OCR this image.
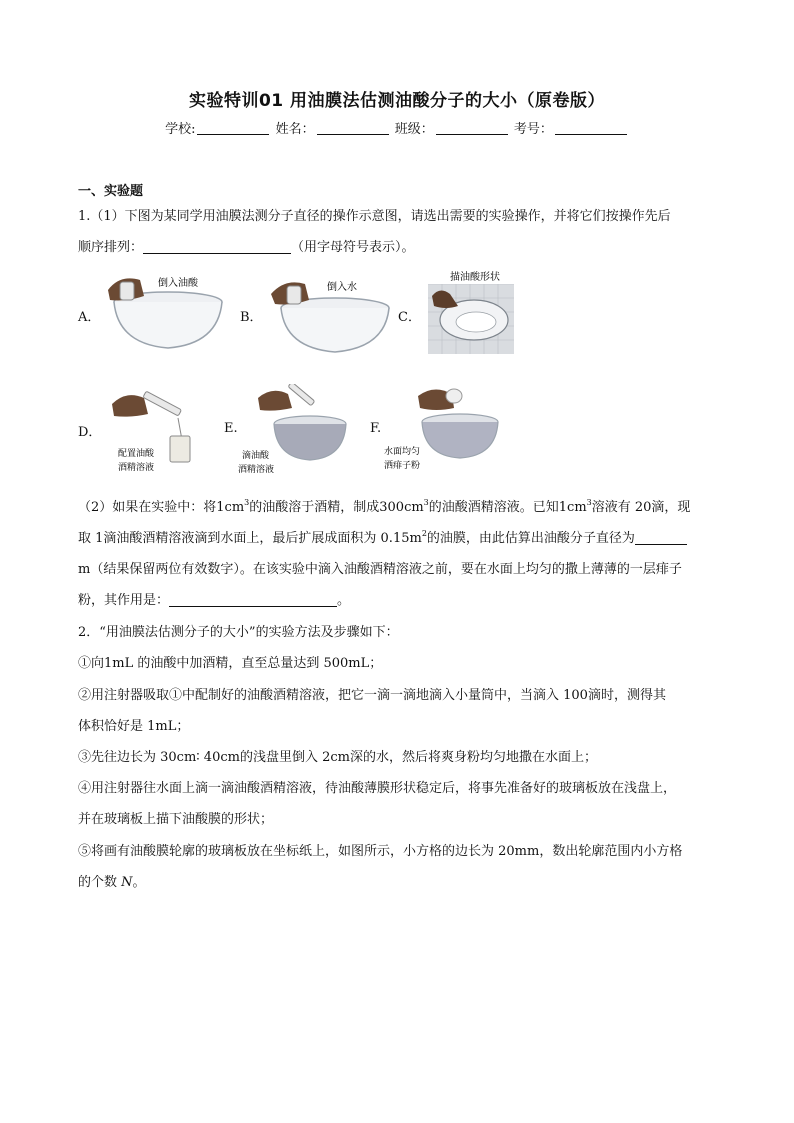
实验特训01 用油膜法估测油酸分子的大小（原卷版）
学校:	姓名：	班级：	考号：
一、实验题
1.（1）下图为某同学用油膜法测分子直径的操作示意图，请选出需要的实验操作，并将它们按操作先后
顺序排列：	（用字母符号表示）。
A．
倒入油酸
B．
倒入水
C．
描油酸形状
D．
配置油酸
酒精溶液
E.
滴油酸
酒精溶液
F.
水面均匀
洒痱子粉
（2）如果在实验中：将$1cm^3$的油酸溶于酒精，制成$300cm^3$的油酸酒精溶液。已知$1cm^3$溶液有 20滴，现
取 1滴油酸酒精溶液滴到水面上，最后扩展成面积为 $0.15m^2$的油膜，由此估算出油酸分子直径为
m（结果保留两位有效数字）。在该实验中滴入油酸酒精溶液之前，要在水面上均匀的撒上薄薄的一层痱子
粉，其作用是：	。
2．“用油膜法估测分子的大小”的实验方法及步骤如下：
①向1mL 的油酸中加酒精，直至总量达到 500mL；
②用注射器吸取①中配制好的油酸酒精溶液，把它一滴一滴地滴入小量筒中，当滴入 100滴时，测得其
体积恰好是 1mL；
③先往边长为 30cm∶ 40cm的浅盘里倒入 2cm深的水，然后将爽身粉均匀地撒在水面上；
④用注射器往水面上滴一滴油酸酒精溶液，待油酸薄膜形状稳定后，将事先准备好的玻璃板放在浅盘上，
并在玻璃板上描下油酸膜的形状；
⑤将画有油酸膜轮廓的玻璃板放在坐标纸上，如图所示，小方格的边长为 20mm，数出轮廓范围内小方格
的个数 N。
